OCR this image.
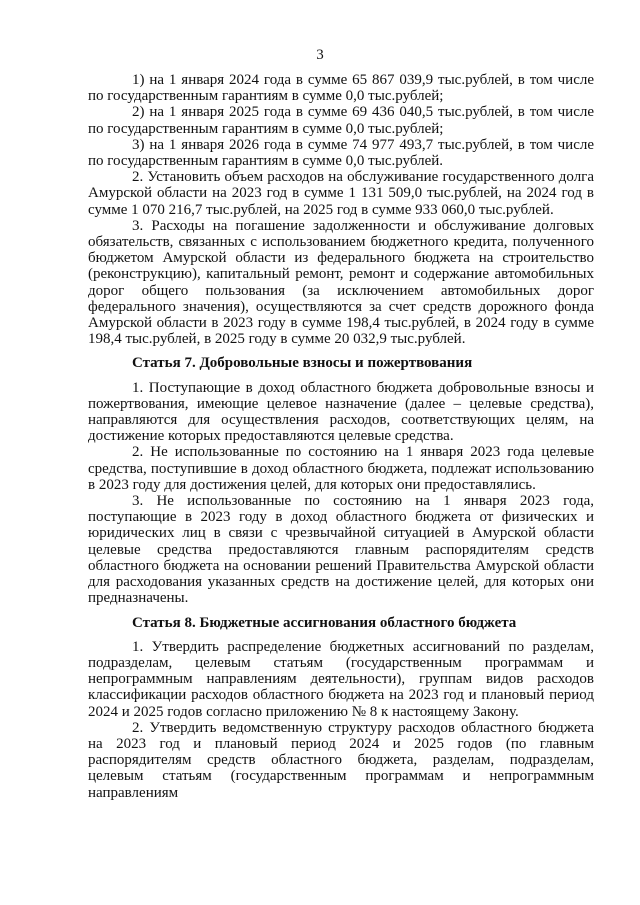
3

1) на 1 января 2024 года в сумме 65 867 039,9 тыс.рублей, в том числе по государственным гарантиям в сумме 0,0 тыс.рублей;

2) на 1 января 2025 года в сумме 69 436 040,5 тыс.рублей, в том числе по государственным гарантиям в сумме 0,0 тыс.рублей;

3) на 1 января 2026 года в сумме 74 977 493,7 тыс.рублей, в том числе по государственным гарантиям в сумме 0,0 тыс.рублей.

2. Установить объем расходов на обслуживание государственного долга Амурской области на 2023 год в сумме 1 131 509,0 тыс.рублей, на 2024 год в сумме 1 070 216,7 тыс.рублей, на 2025 год в сумме 933 060,0 тыс.рублей.

3. Расходы на погашение задолженности и обслуживание долговых обязательств, связанных с использованием бюджетного кредита, полученного бюджетом Амурской области из федерального бюджета на строительство (реконструкцию), капитальный ремонт, ремонт и содержание автомобильных дорог общего пользования (за исключением автомобильных дорог федерального значения), осуществляются за счет средств дорожного фонда Амурской области в 2023 году в сумме 198,4 тыс.рублей, в 2024 году в сумме 198,4 тыс.рублей, в 2025 году в сумме 20 032,9 тыс.рублей.

Статья 7. Добровольные взносы и пожертвования

1. Поступающие в доход областного бюджета добровольные взносы и пожертвования, имеющие целевое назначение (далее – целевые средства), направляются для осуществления расходов, соответствующих целям, на достижение которых предоставляются целевые средства.

2. Не использованные по состоянию на 1 января 2023 года целевые средства, поступившие в доход областного бюджета, подлежат использованию в 2023 году для достижения целей, для которых они предоставлялись.

3. Не использованные по состоянию на 1 января 2023 года, поступающие в 2023 году в доход областного бюджета от физических и юридических лиц в связи с чрезвычайной ситуацией в Амурской области целевые средства предоставляются главным распорядителям средств областного бюджета на основании решений Правительства Амурской области для расходования указанных средств на достижение целей, для которых они предназначены.

Статья 8. Бюджетные ассигнования областного бюджета

1. Утвердить распределение бюджетных ассигнований по разделам, подразделам, целевым статьям (государственным программам и непрограммным направлениям деятельности), группам видов расходов классификации расходов областного бюджета на 2023 год и плановый период 2024 и 2025 годов согласно приложению № 8 к настоящему Закону.

2. Утвердить ведомственную структуру расходов областного бюджета на 2023 год и плановый период 2024 и 2025 годов (по главным распорядителям средств областного бюджета, разделам, подразделам, целевым статьям (государственным программам и непрограммным направлениям
